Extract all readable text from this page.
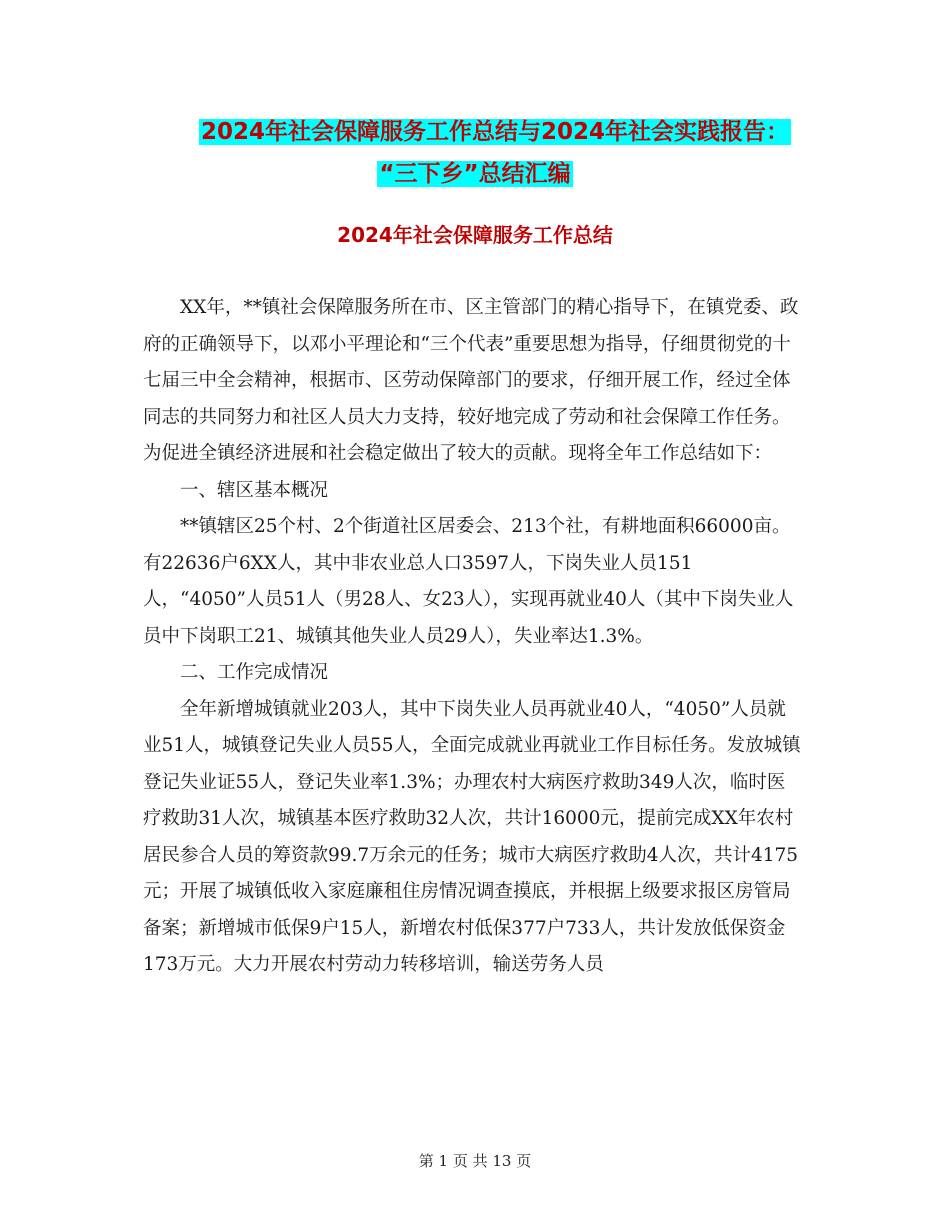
2024年社会保障服务工作总结与2024年社会实践报告：
“三下乡”总结汇编
2024年社会保障服务工作总结

XX年，**镇社会保障服务所在市、区主管部门的精心指导下，在镇党委、政府的正确领导下，以邓小平理论和“三个代表”重要思想为指导，仔细贯彻党的十七届三中全会精神，根据市、区劳动保障部门的要求，仔细开展工作，经过全体同志的共同努力和社区人员大力支持，较好地完成了劳动和社会保障工作任务。为促进全镇经济进展和社会稳定做出了较大的贡献。现将全年工作总结如下：

一、辖区基本概况

**镇辖区25个村、2个街道社区居委会、213个社，有耕地面积66000亩。有22636户6XX人，其中非农业总人口3597人，下岗失业人员151人，“4050”人员51人（男28人、女23人），实现再就业40人（其中下岗失业人员中下岗职工21、城镇其他失业人员29人），失业率达1.3%。

二、工作完成情况

全年新增城镇就业203人，其中下岗失业人员再就业40人，“4050”人员就业51人，城镇登记失业人员55人，全面完成就业再就业工作目标任务。发放城镇登记失业证55人，登记失业率1.3%；办理农村大病医疗救助349人次，临时医疗救助31人次，城镇基本医疗救助32人次，共计16000元，提前完成XX年农村居民参合人员的筹资款99.7万余元的任务；城市大病医疗救助4人次，共计4175元；开展了城镇低收入家庭廉租住房情况调查摸底，并根据上级要求报区房管局备案；新增城市低保9户15人，新增农村低保377户733人，共计发放低保资金173万元。大力开展农村劳动力转移培训，输送劳务人员

第 1 页 共 13 页
